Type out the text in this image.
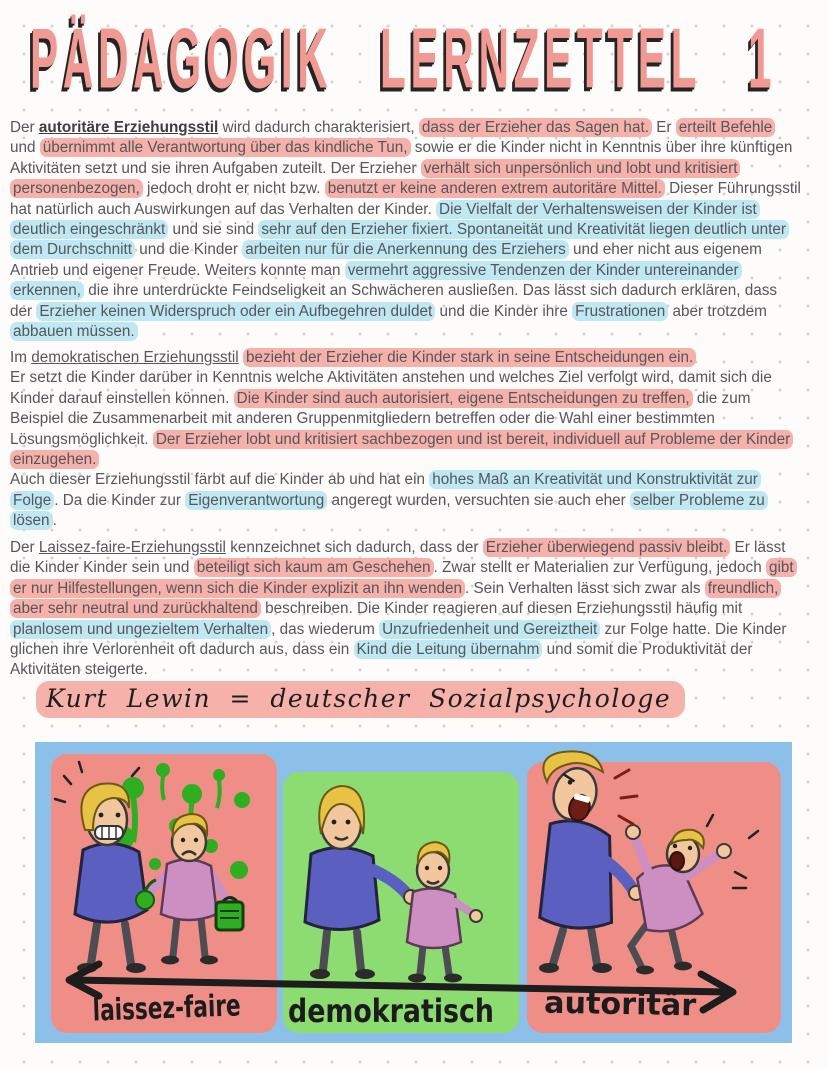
PÄDAGOGIK LERNZETTEL 1

Der autoritäre Erziehungsstil wird dadurch charakterisiert, dass der Erzieher das Sagen hat. Er erteilt Befehle und übernimmt alle Verantwortung über das kindliche Tun, sowie er die Kinder nicht in Kenntnis über ihre künftigen Aktivitäten setzt und sie ihren Aufgaben zuteilt. Der Erzieher verhält sich unpersönlich und lobt und kritisiert personenbezogen, jedoch droht er nicht bzw. benutzt er keine anderen extrem autoritäre Mittel. Dieser Führungsstil hat natürlich auch Auswirkungen auf das Verhalten der Kinder. Die Vielfalt der Verhaltensweisen der Kinder ist deutlich eingeschränkt und sie sind sehr auf den Erzieher fixiert. Spontaneität und Kreativität liegen deutlich unter dem Durchschnitt und die Kinder arbeiten nur für die Anerkennung des Erziehers und eher nicht aus eigenem Antrieb und eigener Freude. Weiters konnte man vermehrt aggressive Tendenzen der Kinder untereinander erkennen, die ihre unterdrückte Feindseligkeit an Schwächeren ausließen. Das lässt sich dadurch erklären, dass der Erzieher keinen Widerspruch oder ein Aufbegehren duldet und die Kinder ihre Frustrationen aber trotzdem abbauen müssen.

Im demokratischen Erziehungsstil bezieht der Erzieher die Kinder stark in seine Entscheidungen ein.
Er setzt die Kinder darüber in Kenntnis welche Aktivitäten anstehen und welches Ziel verfolgt wird, damit sich die Kinder darauf einstellen können. Die Kinder sind auch autorisiert, eigene Entscheidungen zu treffen, die zum Beispiel die Zusammenarbeit mit anderen Gruppenmitgliedern betreffen oder die Wahl einer bestimmten Lösungsmöglichkeit. Der Erzieher lobt und kritisiert sachbezogen und ist bereit, individuell auf Probleme der Kinder einzugehen.
Auch dieser Erziehungsstil färbt auf die Kinder ab und hat ein hohes Maß an Kreativität und Konstruktivität zur Folge . Da die Kinder zur Eigenverantwortung angeregt wurden, versuchten sie auch eher selber Probleme zu lösen .

Der Laissez-faire-Erziehungsstil kennzeichnet sich dadurch, dass der Erzieher überwiegend passiv bleibt. Er lässt die Kinder Kinder sein und beteiligt sich kaum am Geschehen . Zwar stellt er Materialien zur Verfügung, jedoch gibt er nur Hilfestellungen, wenn sich die Kinder explizit an ihn wenden . Sein Verhalten lässt sich zwar als freundlich, aber sehr neutral und zurückhaltend beschreiben. Die Kinder reagieren auf diesen Erziehungsstil häufig mit planlosem und ungezieltem Verhalten , das wiederum Unzufriedenheit und Gereiztheit zur Folge hatte. Die Kinder glichen ihre Verlorenheit oft dadurch aus, dass ein Kind die Leitung übernahm und somit die Produktivität der Aktivitäten steigerte.

Kurt Lewin = deutscher Sozialpsychologe
laissez-faire
demokratisch autoritär
